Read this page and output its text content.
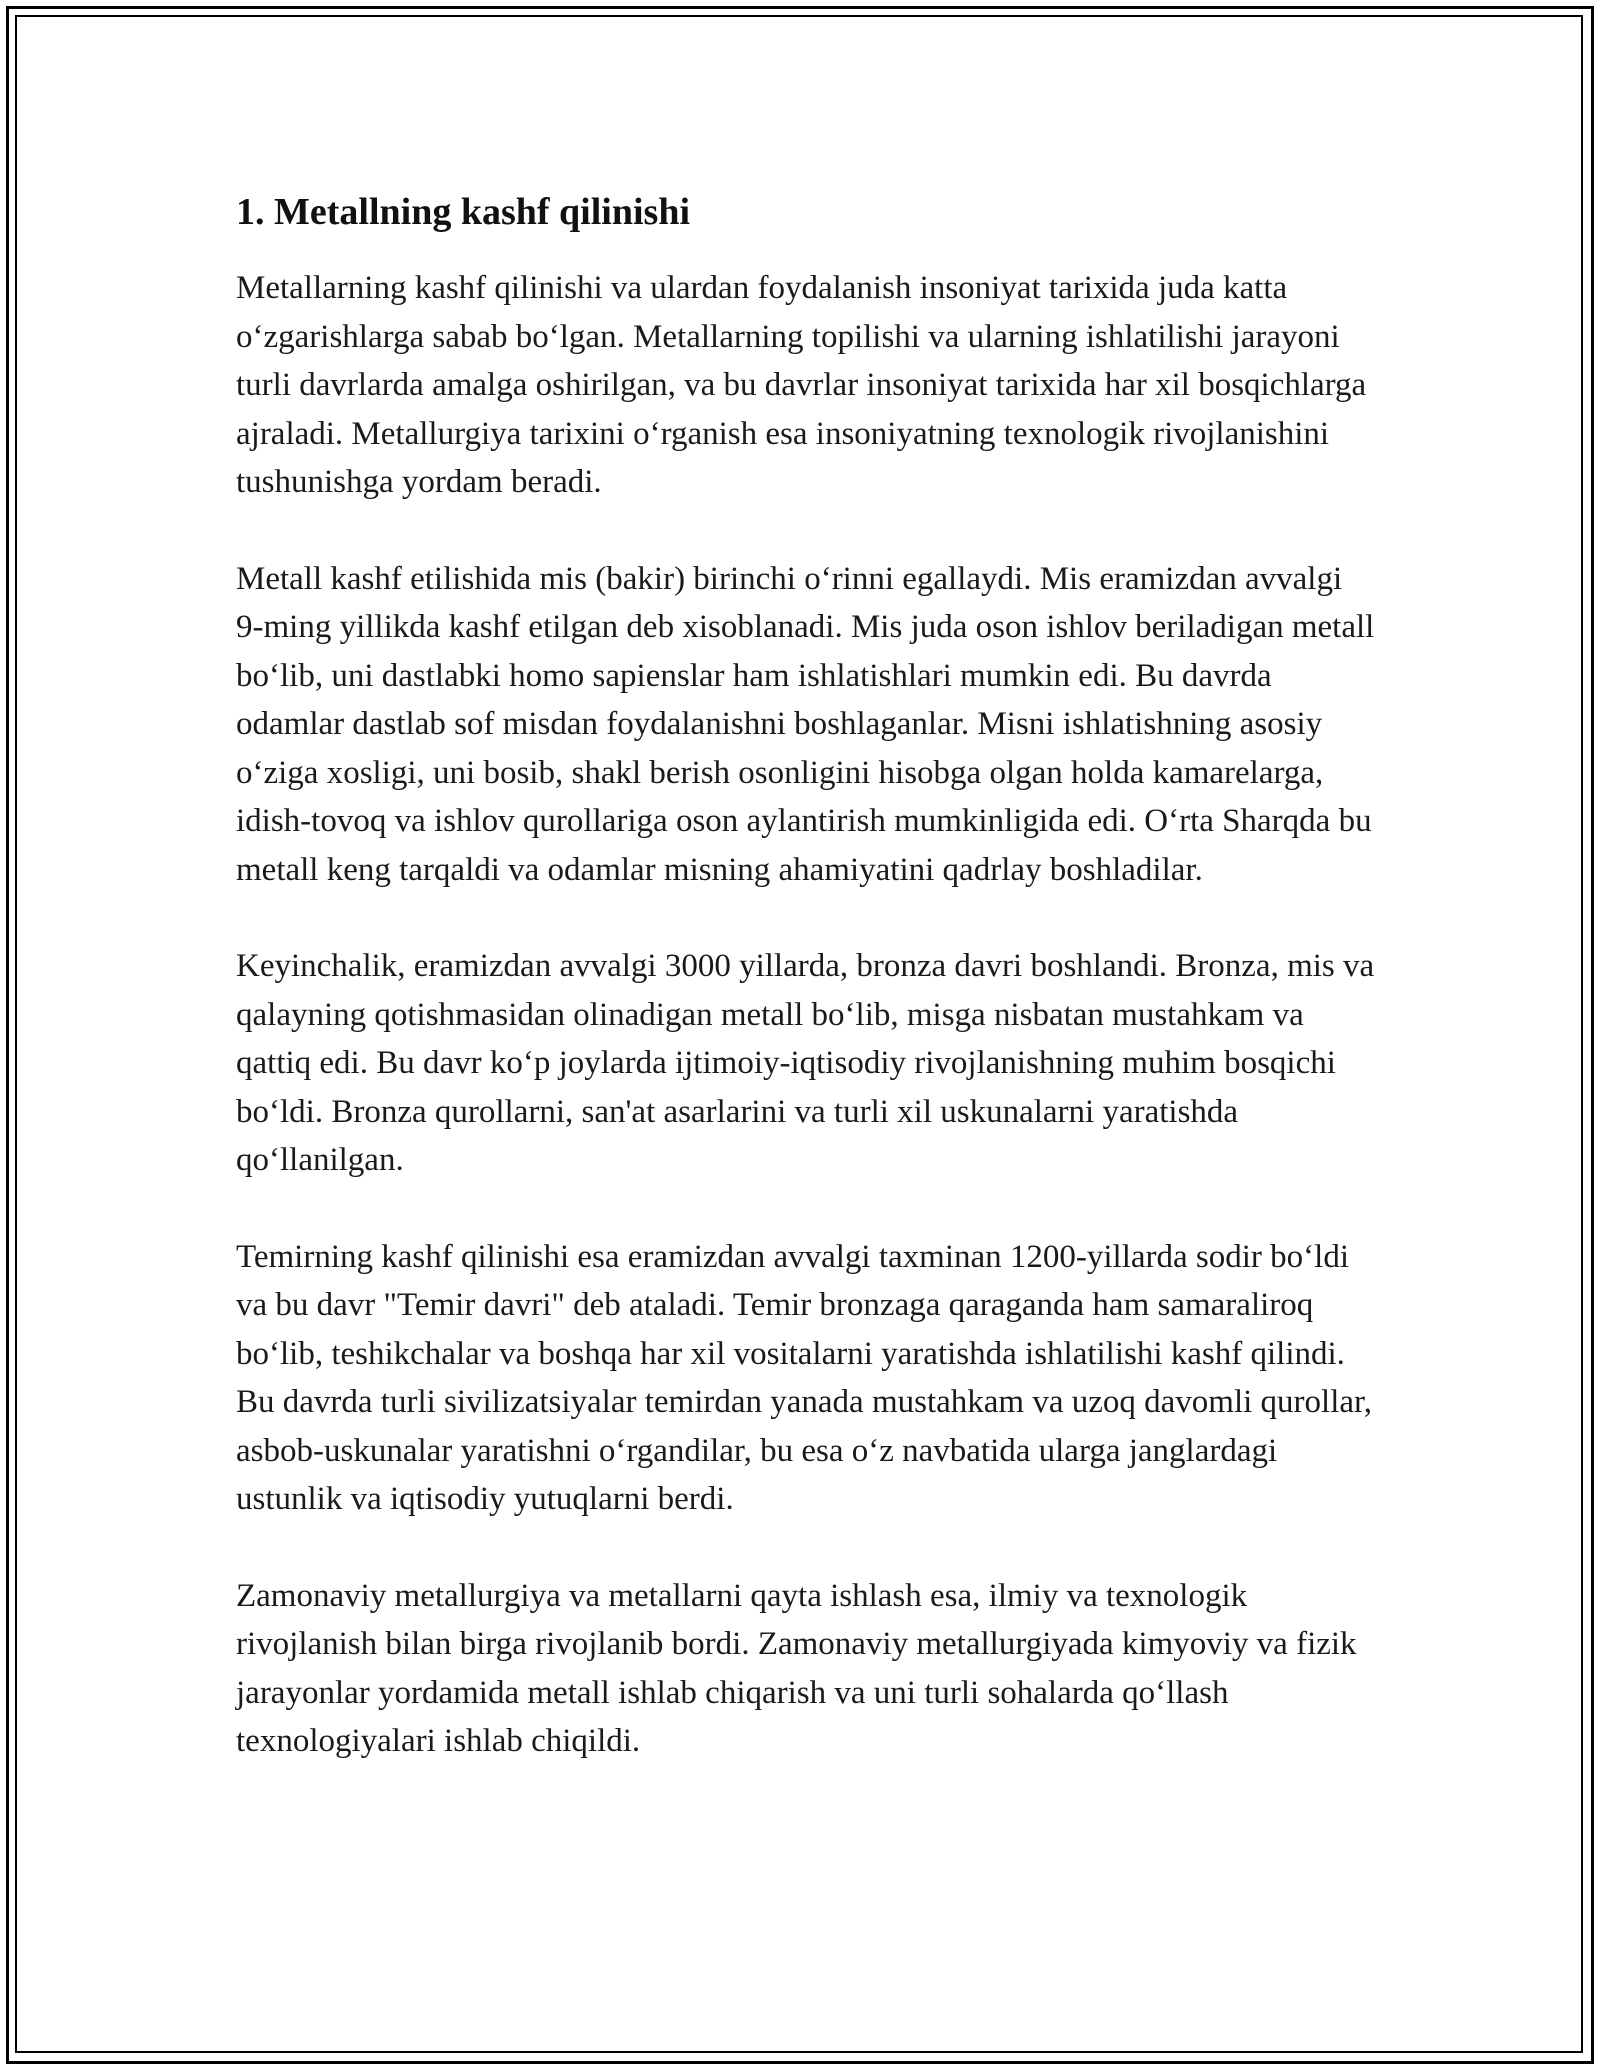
1. Metallning kashf qilinishi

Metallarning kashf qilinishi va ulardan foydalanish insoniyat tarixida juda katta o‘zgarishlarga sabab bo‘lgan. Metallarning topilishi va ularning ishlatilishi jarayoni turli davrlarda amalga oshirilgan, va bu davrlar insoniyat tarixida har xil bosqichlarga ajraladi. Metallurgiya tarixini o‘rganish esa insoniyatning texnologik rivojlanishini tushunishga yordam beradi.

Metall kashf etilishida mis (bakir) birinchi o‘rinni egallaydi. Mis eramizdan avvalgi 9-ming yillikda kashf etilgan deb xisoblanadi. Mis juda oson ishlov beriladigan metall bo‘lib, uni dastlabki homo sapienslar ham ishlatishlari mumkin edi. Bu davrda odamlar dastlab sof misdan foydalanishni boshlaganlar. Misni ishlatishning asosiy o‘ziga xosligi, uni bosib, shakl berish osonligini hisobga olgan holda kamarelarga, idish-tovoq va ishlov qurollariga oson aylantirish mumkinligida edi. O‘rta Sharqda bu metall keng tarqaldi va odamlar misning ahamiyatini qadrlay boshladilar.

Keyinchalik, eramizdan avvalgi 3000 yillarda, bronza davri boshlandi. Bronza, mis va qalayning qotishmasidan olinadigan metall bo‘lib, misga nisbatan mustahkam va qattiq edi. Bu davr ko‘p joylarda ijtimoiy-iqtisodiy rivojlanishning muhim bosqichi bo‘ldi. Bronza qurollarni, san'at asarlarini va turli xil uskunalarni yaratishda qo‘llanilgan.

Temirning kashf qilinishi esa eramizdan avvalgi taxminan 1200-yillarda sodir bo‘ldi va bu davr "Temir davri" deb ataladi. Temir bronzaga qaraganda ham samaraliroq bo‘lib, teshikchalar va boshqa har xil vositalarni yaratishda ishlatilishi kashf qilindi. Bu davrda turli sivilizatsiyalar temirdan yanada mustahkam va uzoq davomli qurollar, asbob-uskunalar yaratishni o‘rgandilar, bu esa o‘z navbatida ularga janglardagi ustunlik va iqtisodiy yutuqlarni berdi.

Zamonaviy metallurgiya va metallarni qayta ishlash esa, ilmiy va texnologik rivojlanish bilan birga rivojlanib bordi. Zamonaviy metallurgiyada kimyoviy va fizik jarayonlar yordamida metall ishlab chiqarish va uni turli sohalarda qo‘llash texnologiyalari ishlab chiqildi.
